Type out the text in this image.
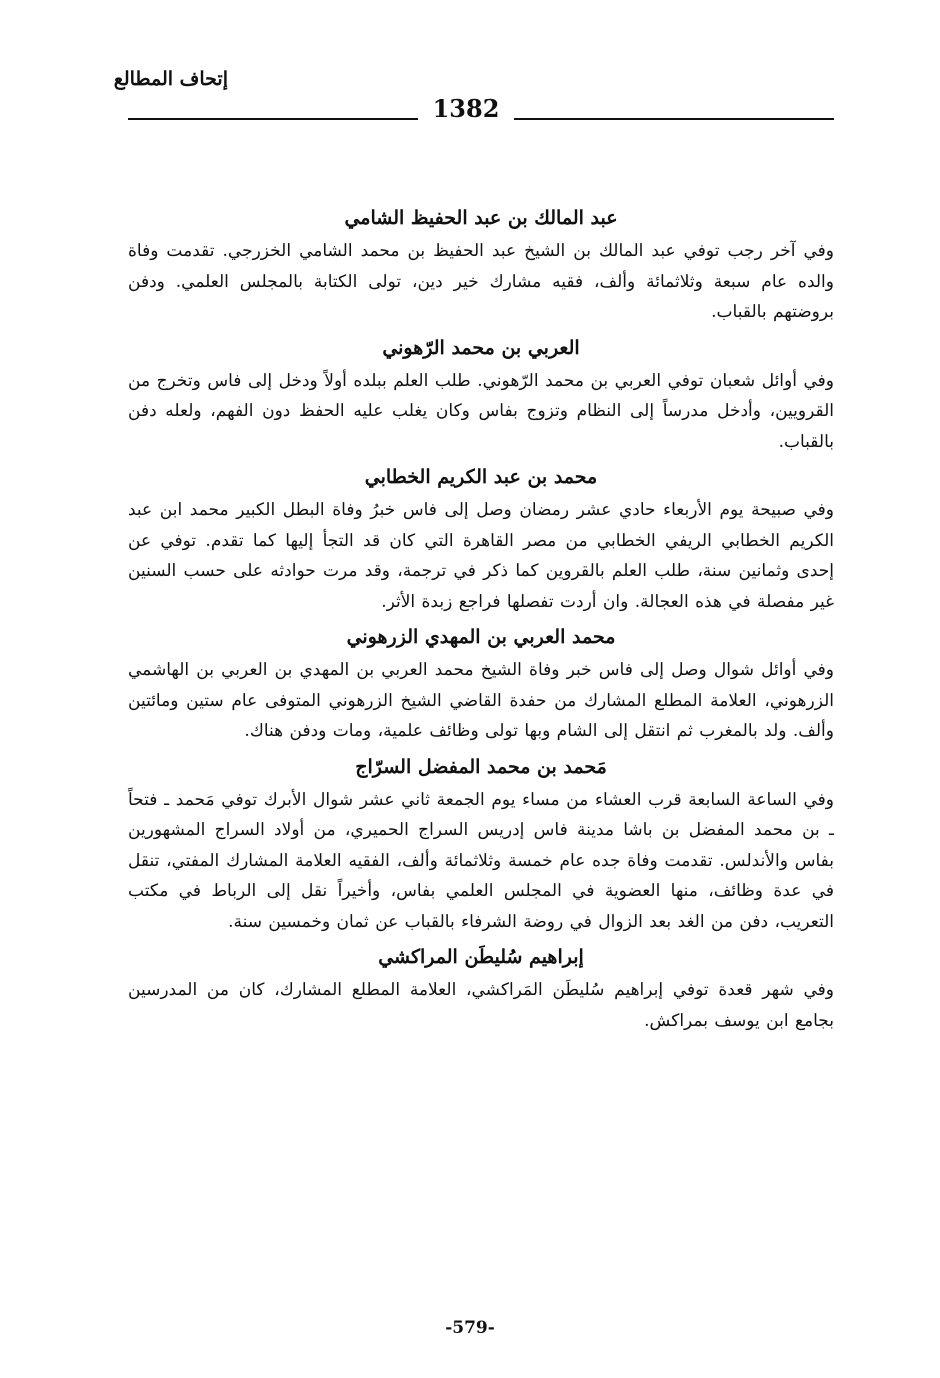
إتحاف المطالع
1382
عبد المالك بن عبد الحفيظ الشامي

وفي آخر رجب توفي عبد المالك بن الشيخ عبد الحفيظ بن محمد الشامي الخزرجي. تقدمت وفاة والده عام سبعة وثلاثمائة وألف، فقيه مشارك خير دين، تولى الكتابة بالمجلس العلمي. ودفن بروضتهم بالقباب.

العربي بن محمد الرّهوني

وفي أوائل شعبان توفي العربي بن محمد الرّهوني. طلب العلم ببلده أولاً ودخل إلى فاس وتخرج من القرويين، وأدخل مدرساً إلى النظام وتزوج بفاس وكان يغلب عليه الحفظ دون الفهم، ولعله دفن بالقباب.

محمد بن عبد الكريم الخطابي

وفي صبيحة يوم الأربعاء حادي عشر رمضان وصل إلى فاس خبرُ وفاة البطل الكبير محمد ابن عبد الكريم الخطابي الريفي الخطابي من مصر القاهرة التي كان قد التجأ إليها كما تقدم. توفي عن إحدى وثمانين سنة، طلب العلم بالقروين كما ذكر في ترجمة، وقد مرت حوادثه على حسب السنين غير مفصلة في هذه العجالة. وان أردت تفصلها فراجع زبدة الأثر.

محمد العربي بن المهدي الزرهوني

وفي أوائل شوال وصل إلى فاس خبر وفاة الشيخ محمد العربي بن المهدي بن العربي بن الهاشمي الزرهوني، العلامة المطلع المشارك من حفدة القاضي الشيخ الزرهوني المتوفى عام ستين ومائتين وألف. ولد بالمغرب ثم انتقل إلى الشام وبها تولى وظائف علمية، ومات ودفن هناك.

مَحمد بن محمد المفضل السرّاج

وفي الساعة السابعة قرب العشاء من مساء يوم الجمعة ثاني عشر شوال الأبرك توفي مَحمد ـ فتحاً ـ بن محمد المفضل بن باشا مدينة فاس إدريس السراج الحميري، من أولاد السراج المشهورين بفاس والأندلس. تقدمت وفاة جده عام خمسة وثلاثمائة وألف، الفقيه العلامة المشارك المفتي، تنقل في عدة وظائف، منها العضوية في المجلس العلمي بفاس، وأخيراً نقل إلى الرباط في مكتب التعريب، دفن من الغد بعد الزوال في روضة الشرفاء بالقباب عن ثمان وخمسين سنة.

إبراهيم سُليطَن المراكشي

وفي شهر قعدة توفي إبراهيم سُليطَن المَراكشي، العلامة المطلع المشارك، كان من المدرسين بجامع ابن يوسف بمراكش.

-579-
